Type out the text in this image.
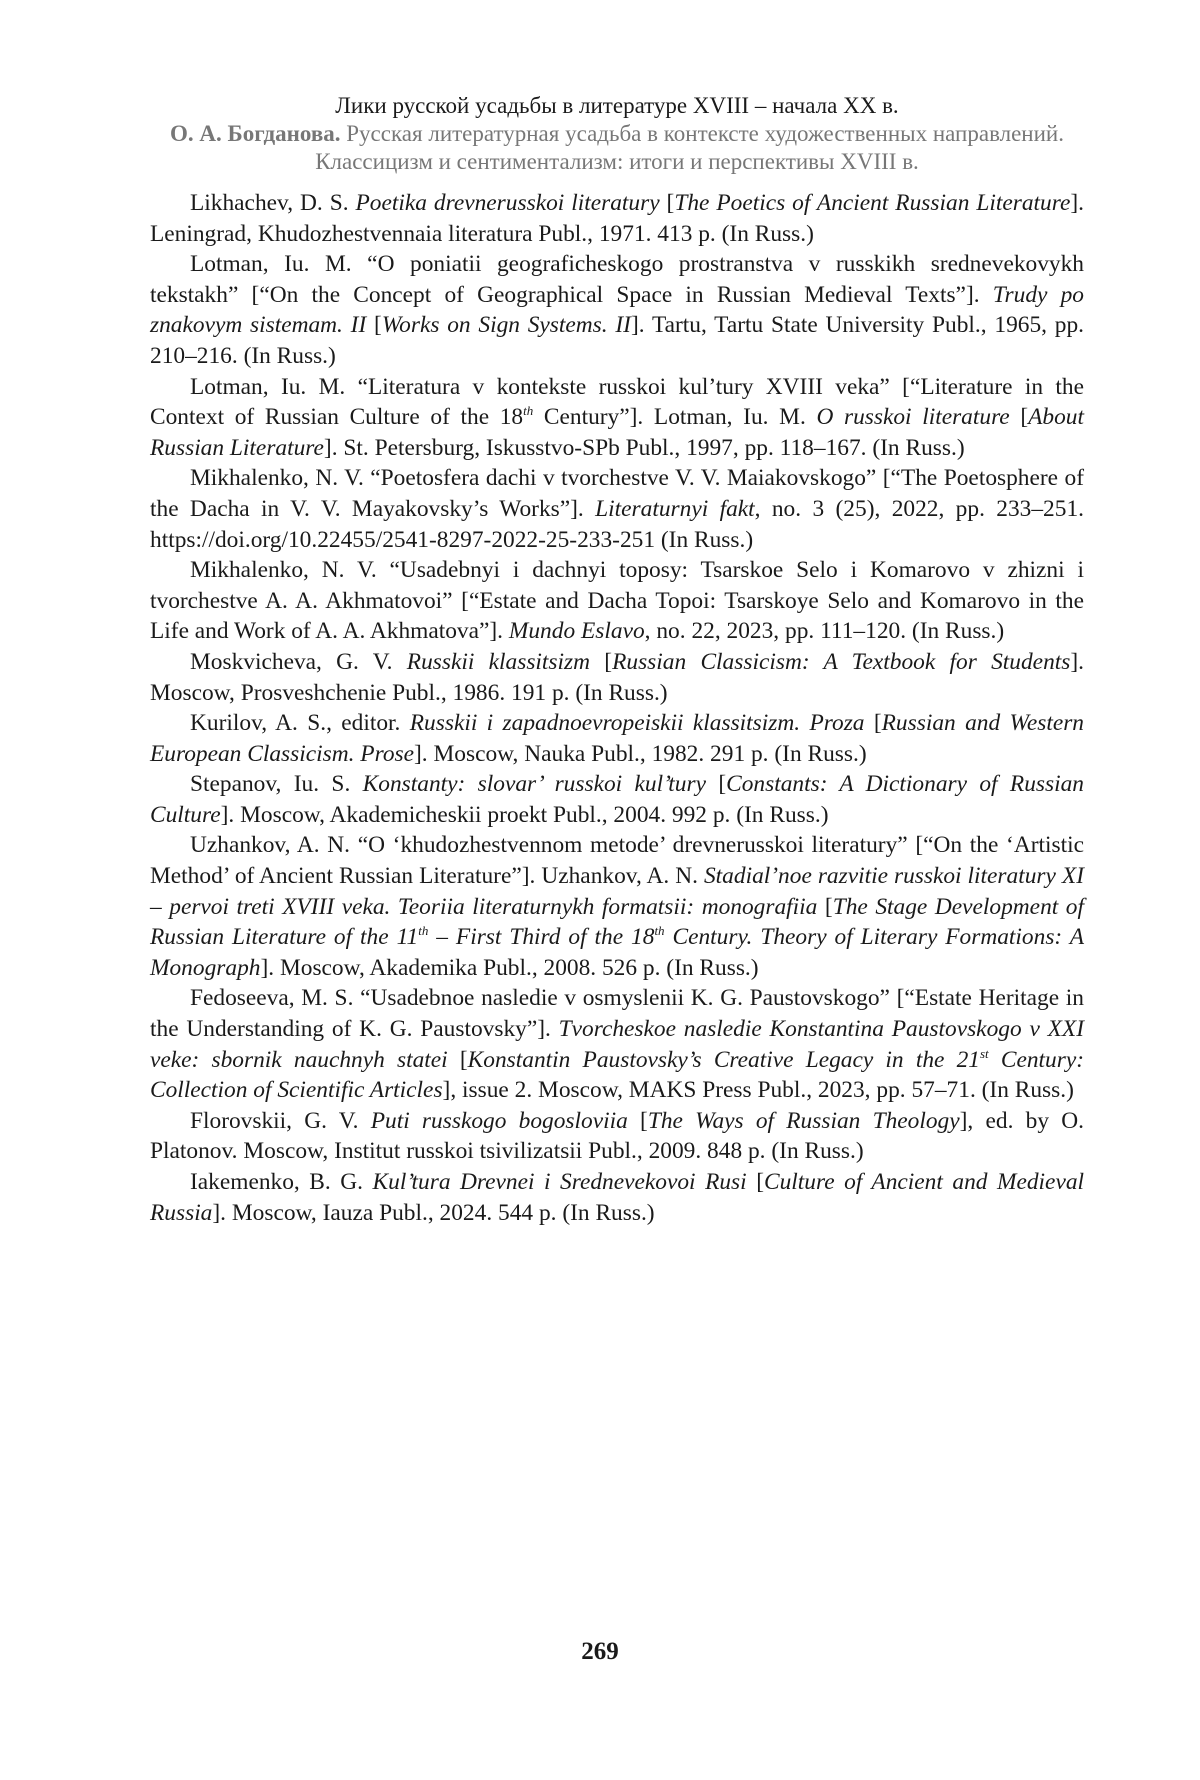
Лики русской усадьбы в литературе XVIII – начала XX в.
О. А. Богданова. Русская литературная усадьба в контексте художественных направлений.
Классицизм и сентиментализм: итоги и перспективы XVIII в.

Likhachev, D. S. Poetika drevnerusskoi literatury [The Poetics of Ancient Russian Literature]. Leningrad, Khudozhestvennaia literatura Publ., 1971. 413 p. (In Russ.)

Lotman, Iu. M. “O poniatii geograficheskogo prostranstva v russkikh srednevekovykh tekstakh” [“On the Concept of Geographical Space in Russian Medieval Texts”]. Trudy po znakovym sistemam. II [Works on Sign Systems. II]. Tartu, Tartu State University Publ., 1965, pp. 210–216. (In Russ.)

Lotman, Iu. M. “Literatura v kontekste russkoi kul’tury XVIII veka” [“Literature in the Context of Russian Culture of the 18th Century”]. Lotman, Iu. M. O russkoi literature [About Russian Literature]. St. Petersburg, Iskusstvo-SPb Publ., 1997, pp. 118–167. (In Russ.)

Mikhalenko, N. V. “Poetosfera dachi v tvorchestve V. V. Maiakovskogo” [“The Poetosphere of the Dacha in V. V. Mayakovsky’s Works”]. Literaturnyi fakt, no. 3 (25), 2022, pp. 233–251. https://doi.org/10.22455/2541-8297-2022-25-233-251 (In Russ.)

Mikhalenko, N. V. “Usadebnyi i dachnyi toposy: Tsarskoe Selo i Komarovo v zhizni i tvorchestve A. A. Akhmatovoi” [“Estate and Dacha Topoi: Tsarskoye Selo and Komarovo in the Life and Work of A. A. Akhmatova”]. Mundo Eslavo, no. 22, 2023, pp. 111–120. (In Russ.)

Moskvicheva, G. V. Russkii klassitsizm [Russian Classicism: A Textbook for Students]. Moscow, Prosveshchenie Publ., 1986. 191 p. (In Russ.)

Kurilov, A. S., editor. Russkii i zapadnoevropeiskii klassitsizm. Proza [Russian and Western European Classicism. Prose]. Moscow, Nauka Publ., 1982. 291 p. (In Russ.)

Stepanov, Iu. S. Konstanty: slovar’ russkoi kul’tury [Constants: A Dictionary of Russian Culture]. Moscow, Akademicheskii proekt Publ., 2004. 992 p. (In Russ.)

Uzhankov, A. N. “O ‘khudozhestvennom metode’ drevnerusskoi literatury” [“On the ‘Artistic Method’ of Ancient Russian Literature”]. Uzhankov, A. N. Stadial’noe razvitie russkoi literatury XI – pervoi treti XVIII veka. Teoriia literaturnykh formatsii: monografiia [The Stage Development of Russian Literature of the 11th – First Third of the 18th Century. Theory of Literary Formations: A Monograph]. Moscow, Akademika Publ., 2008. 526 p. (In Russ.)

Fedoseeva, M. S. “Usadebnoe nasledie v osmyslenii K. G. Paustovskogo” [“Estate Heritage in the Understanding of K. G. Paustovsky”]. Tvorcheskoe nasledie Konstantina Paustovskogo v XXI veke: sbornik nauchnyh statei [Konstantin Paustovsky’s Creative Legacy in the 21st Century: Collection of Scientific Articles], issue 2. Moscow, MAKS Press Publ., 2023, pp. 57–71. (In Russ.)

Florovskii, G. V. Puti russkogo bogosloviia [The Ways of Russian Theology], ed. by O. Platonov. Moscow, Institut russkoi tsivilizatsii Publ., 2009. 848 p. (In Russ.)

Iakemenko, B. G. Kul’tura Drevnei i Srednevekovoi Rusi [Culture of Ancient and Medieval Russia]. Moscow, Iauza Publ., 2024. 544 p. (In Russ.)

269
